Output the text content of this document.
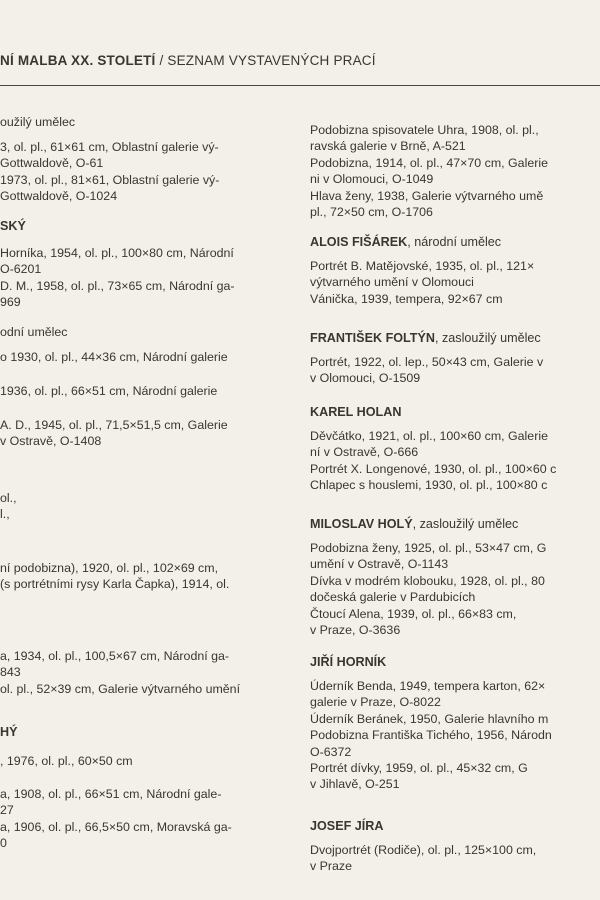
NÍ MALBA XX. STOLETÍ / SEZNAM VYSTAVENÝCH PRACÍ
oužilý umělec
3, ol. pl., 61×61 cm, Oblastní galerie vý-
Gottwaldově, O-61
1973, ol. pl., 81×61, Oblastní galerie vý-
Gottwaldově, O-1024
SKÝ
Horníka, 1954, ol. pl., 100×80 cm, Národní
O-6201
D. M., 1958, ol. pl., 73×65 cm, Národní ga-
969
odní umělec
o 1930, ol. pl., 44×36 cm, Národní galerie
1936, ol. pl., 66×51 cm, Národní galerie
A. D., 1945, ol. pl., 71,5×51,5 cm, Galerie
v Ostravě, O-1408
ol.,
l.,
ní podobizna), 1920, ol. pl., 102×69 cm,
(s portrétními rysy Karla Čapka), 1914, ol.
a, 1934, ol. pl., 100,5×67 cm, Národní ga-
843
ol. pl., 52×39 cm, Galerie výtvarného umění
HÝ
, 1976, ol. pl., 60×50 cm
a, 1908, ol. pl., 66×51 cm, Národní gale-
27
a, 1906, ol. pl., 66,5×50 cm, Moravská ga-
0
Podobizna spisovatele Uhra, 1908, ol. pl.,
ravská galerie v Brně, A-521
Podobizna, 1914, ol. pl., 47×70 cm, Galerie
ni v Olomouci, O-1049
Hlava ženy, 1938, Galerie výtvarného umě
pl., 72×50 cm, O-1706
ALOIS FIŠÁREK, národní umělec
Portrét B. Matějovské, 1935, ol. pl., 121×
výtvarného umění v Olomouci
Vánička, 1939, tempera, 92×67 cm
FRANTIŠEK FOLTÝN, zasloužilý umělec
Portrét, 1922, ol. lep., 50×43 cm, Galerie v
v Olomouci, O-1509
KAREL HOLAN
Děvčátko, 1921, ol. pl., 100×60 cm, Galerie
ní v Ostravě, O-666
Portrét X. Longenové, 1930, ol. pl., 100×60 c
Chlapec s houslemi, 1930, ol. pl., 100×80 c
MILOSLAV HOLÝ, zasloužilý umělec
Podobizna ženy, 1925, ol. pl., 53×47 cm, G
umění v Ostravě, O-1143
Dívka v modrém klobouku, 1928, ol. pl., 80
dočeská galerie v Pardubicích
Čtoucí Alena, 1939, ol. pl., 66×83 cm,
v Praze, O-3636
JIŘÍ HORNÍK
Úderník Benda, 1949, tempera karton, 62×
galerie v Praze, O-8022
Úderník Beránek, 1950, Galerie hlavního m
Podobizna Františka Tichého, 1956, Národn
O-6372
Portrét dívky, 1959, ol. pl., 45×32 cm, G
v Jihlavě, O-251
JOSEF JÍRA
Dvojportrét (Rodiče), ol. pl., 125×100 cm,
v Praze
